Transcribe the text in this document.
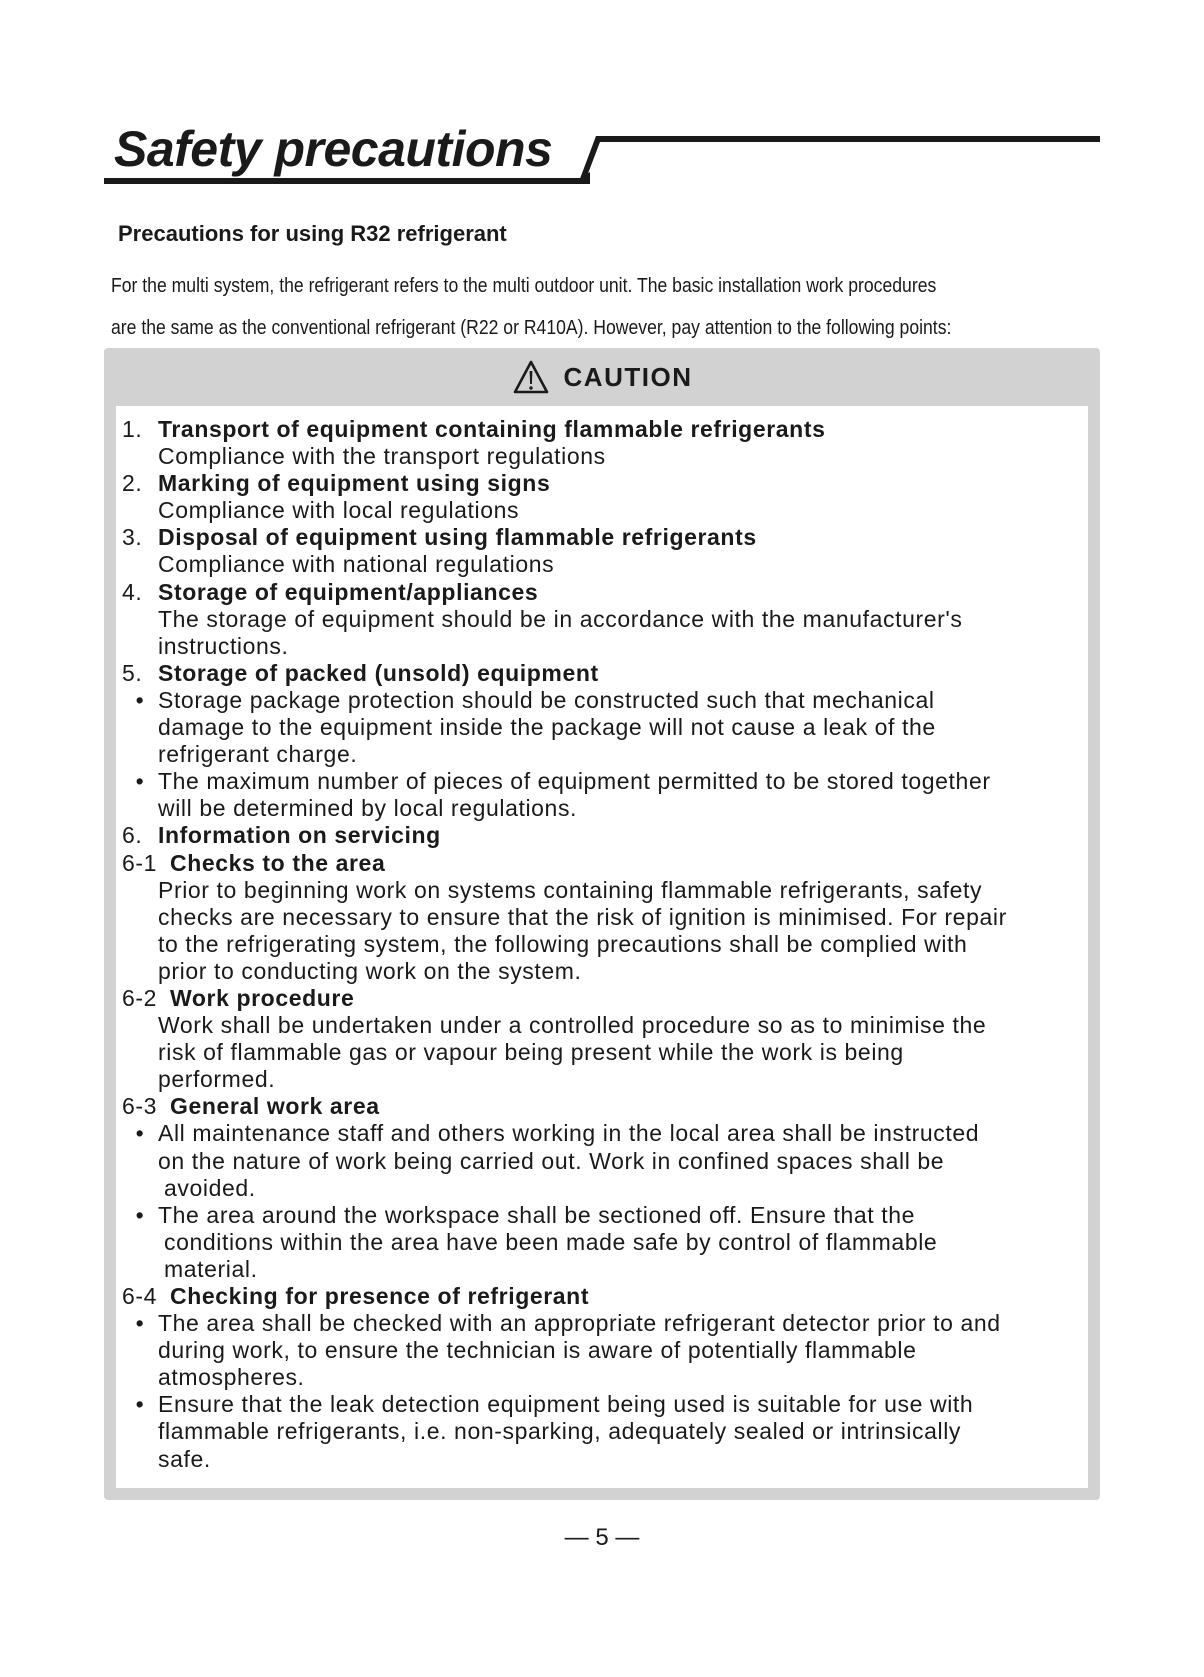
Safety precautions
Precautions for using R32 refrigerant
For the multi system, the refrigerant refers to the multi outdoor unit. The basic installation work procedures
are the same as the conventional refrigerant (R22 or R410A). However, pay attention to the following points:
CAUTION
1. Transport of equipment containing flammable refrigerants
Compliance with the transport regulations
2. Marking of equipment using signs
Compliance with local regulations
3. Disposal of equipment using flammable refrigerants
Compliance with national regulations
4. Storage of equipment/appliances
The storage of equipment should be in accordance with the manufacturer's
instructions.
5. Storage of packed (unsold) equipment
• Storage package protection should be constructed such that mechanical
damage to the equipment inside the package will not cause a leak of the
refrigerant charge.
• The maximum number of pieces of equipment permitted to be stored together
will be determined by local regulations.
6. Information on servicing
6-1 Checks to the area
Prior to beginning work on systems containing flammable refrigerants, safety
checks are necessary to ensure that the risk of ignition is minimised. For repair
to the refrigerating system, the following precautions shall be complied with
prior to conducting work on the system.
6-2 Work procedure
Work shall be undertaken under a controlled procedure so as to minimise the
risk of flammable gas or vapour being present while the work is being
performed.
6-3 General work area
• All maintenance staff and others working in the local area shall be instructed
on the nature of work being carried out. Work in confined spaces shall be
avoided.
• The area around the workspace shall be sectioned off. Ensure that the
conditions within the area have been made safe by control of flammable
material.
6-4 Checking for presence of refrigerant
• The area shall be checked with an appropriate refrigerant detector prior to and
during work, to ensure the technician is aware of potentially flammable
atmospheres.
• Ensure that the leak detection equipment being used is suitable for use with
flammable refrigerants, i.e. non-sparking, adequately sealed or intrinsically
safe.
— 5 —
